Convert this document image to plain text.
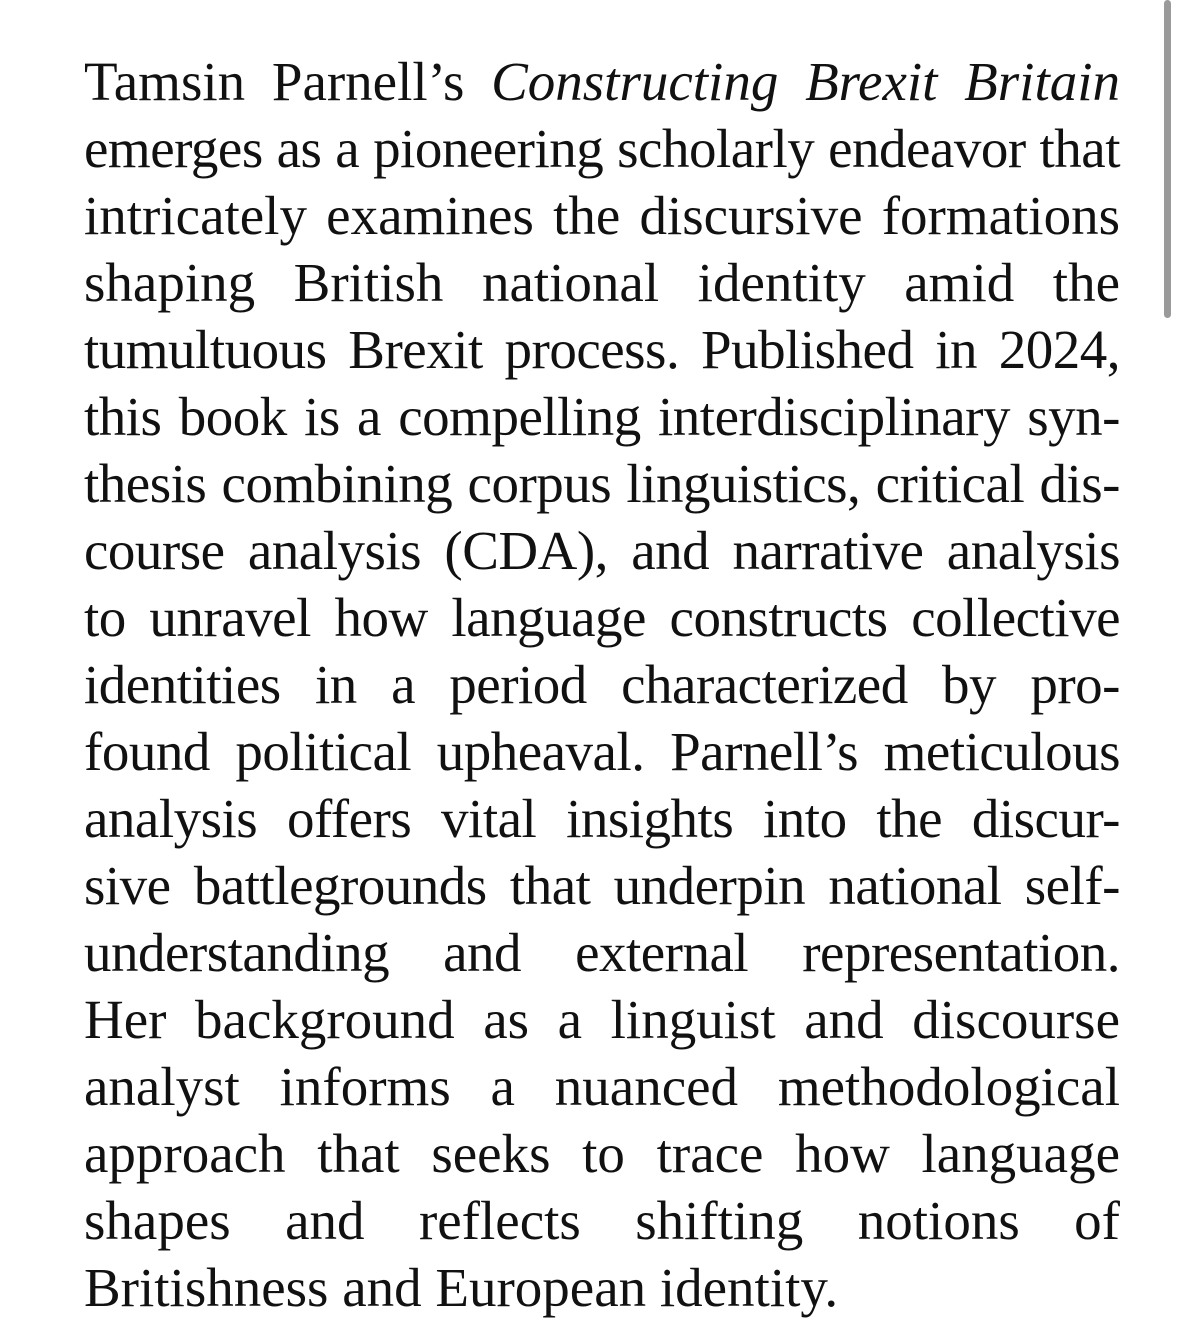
Tamsin Parnell’s Constructing Brexit Britain
emerges as a pioneering scholarly endeavor that
intricately examines the discursive formations
shaping British national identity amid the
tumultuous Brexit process. Published in 2024,
this book is a compelling interdisciplinary syn-
thesis combining corpus linguistics, critical dis-
course analysis (CDA), and narrative analysis
to unravel how language constructs collective
identities in a period characterized by pro-
found political upheaval. Parnell’s meticulous
analysis offers vital insights into the discur-
sive battlegrounds that underpin national self-
understanding and external representation.
Her background as a linguist and discourse
analyst informs a nuanced methodological
approach that seeks to trace how language
shapes and reflects shifting notions of
Britishness and European identity.
